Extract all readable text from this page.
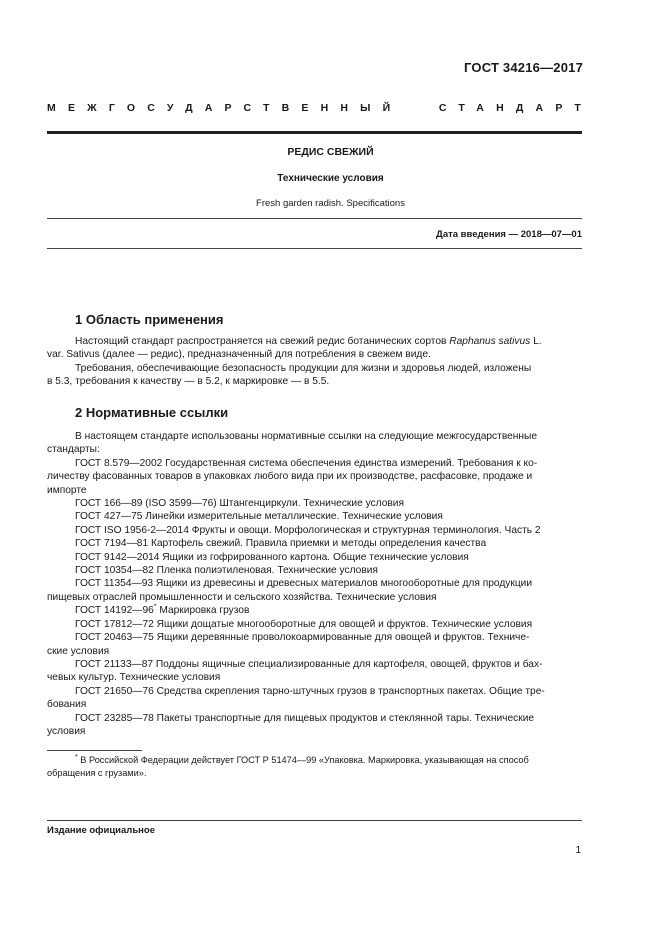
ГОСТ 34216—2017
МЕЖГОСУДАРСТВЕННЫЙ	СТАНДАРТ
РЕДИС СВЕЖИЙ
Технические условия
Fresh garden radish. Specifications
Дата введения — 2018—07—01
1 Область применения
Настоящий стандарт распространяется на свежий редис ботанических сортов Raphanus sativus L.
var. Sativus (далее — редис), предназначенный для потребления в свежем виде.
Требования, обеспечивающие безопасность продукции для жизни и здоровья людей, изложены
в 5.3, требования к качеству — в 5.2, к маркировке — в 5.5.
2 Нормативные ссылки
В настоящем стандарте использованы нормативные ссылки на следующие межгосударственные
стандарты:
ГОСТ 8.579—2002 Государственная система обеспечения единства измерений. Требования к ко-
личеству фасованных товаров в упаковках любого вида при их производстве, расфасовке, продаже и
импорте
ГОСТ 166—89 (ISO 3599—76) Штангенциркули. Технические условия
ГОСТ 427—75 Линейки измерительные металлические. Технические условия
ГОСТ ISO 1956-2—2014 Фрукты и овощи. Морфологическая и структурная терминология. Часть 2
ГОСТ 7194—81 Картофель свежий. Правила приемки и методы определения качества
ГОСТ 9142—2014 Ящики из гофрированного картона. Общие технические условия
ГОСТ 10354—82 Пленка полиэтиленовая. Технические условия
ГОСТ 11354—93 Ящики из древесины и древесных материалов многооборотные для продукции
пищевых отраслей промышленности и сельского хозяйства. Технические условия
ГОСТ 14192—96* Маркировка грузов
ГОСТ 17812—72 Ящики дощатые многооборотные для овощей и фруктов. Технические условия
ГОСТ 20463—75 Ящики деревянные проволокоармированные для овощей и фруктов. Техниче-
ские условия
ГОСТ 21133—87 Поддоны ящичные специализированные для картофеля, овощей, фруктов и бах-
чевых культур. Технические условия
ГОСТ 21650—76 Средства скрепления тарно-штучных грузов в транспортных пакетах. Общие тре-
бования
ГОСТ 23285—78 Пакеты транспортные для пищевых продуктов и стеклянной тары. Технические
условия
* В Российской Федерации действует ГОСТ Р 51474—99 «Упаковка. Маркировка, указывающая на способ
обращения с грузами».
Издание официальное
1
